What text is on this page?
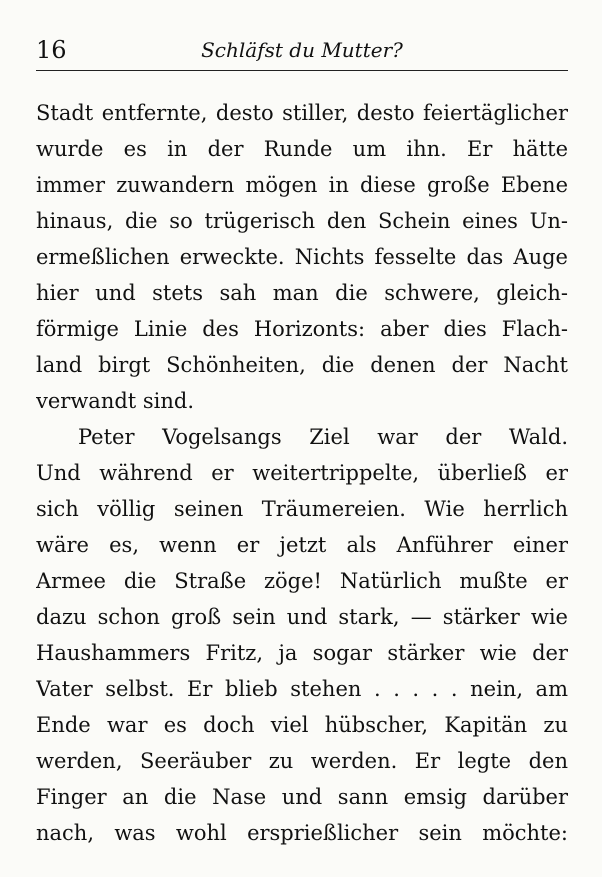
16	Schläfst du Mutter?
Stadt entfernte, desto stiller, desto feiertäglicher
wurde es in der Runde um ihn. Er hätte
immer zuwandern mögen in diese große Ebene
hinaus, die so trügerisch den Schein eines Un-
ermeßlichen erweckte. Nichts fesselte das Auge
hier und stets sah man die schwere, gleich-
förmige Linie des Horizonts: aber dies Flach-
land birgt Schönheiten, die denen der Nacht
verwandt sind.
Peter Vogelsangs Ziel war der Wald.
Und während er weitertrippelte, überließ er
sich völlig seinen Träumereien. Wie herrlich
wäre es, wenn er jetzt als Anführer einer
Armee die Straße zöge! Natürlich mußte er
dazu schon groß sein und stark, — stärker wie
Haushammers Fritz, ja sogar stärker wie der
Vater selbst. Er blieb stehen . . . . . nein, am
Ende war es doch viel hübscher, Kapitän zu
werden, Seeräuber zu werden. Er legte den
Finger an die Nase und sann emsig darüber
nach, was wohl ersprießlicher sein möchte:
